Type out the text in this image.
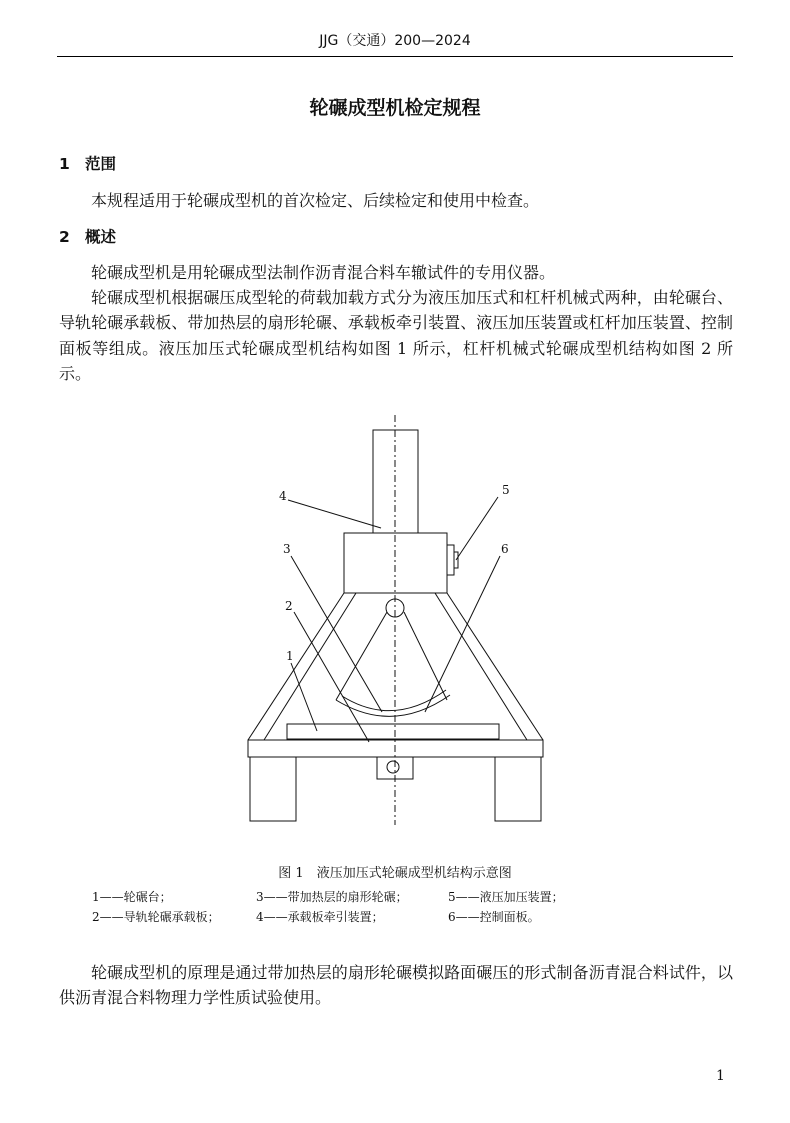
JJG（交通）200—2024
轮碾成型机检定规程
1 范围
本规程适用于轮碾成型机的首次检定、后续检定和使用中检查。
2 概述
轮碾成型机是用轮碾成型法制作沥青混合料车辙试件的专用仪器。
轮碾成型机根据碾压成型轮的荷载加载方式分为液压加压式和杠杆机械式两种，由轮碾台、导轨轮碾承载板、带加热层的扇形轮碾、承载板牵引装置、液压加压装置或杠杆加压装置、控制面板等组成。液压加压式轮碾成型机结构如图 1 所示，杠杆机械式轮碾成型机结构如图 2 所示。
4	5
3	6
2
1
图 1　液压加压式轮碾成型机结构示意图
1——轮碾台；	3——带加热层的扇形轮碾；	5——液压加压装置；
2——导轨轮碾承载板；	4——承载板牵引装置；	6——控制面板。
轮碾成型机的原理是通过带加热层的扇形轮碾模拟路面碾压的形式制备沥青混合料试件，以供沥青混合料物理力学性质试验使用。
1
